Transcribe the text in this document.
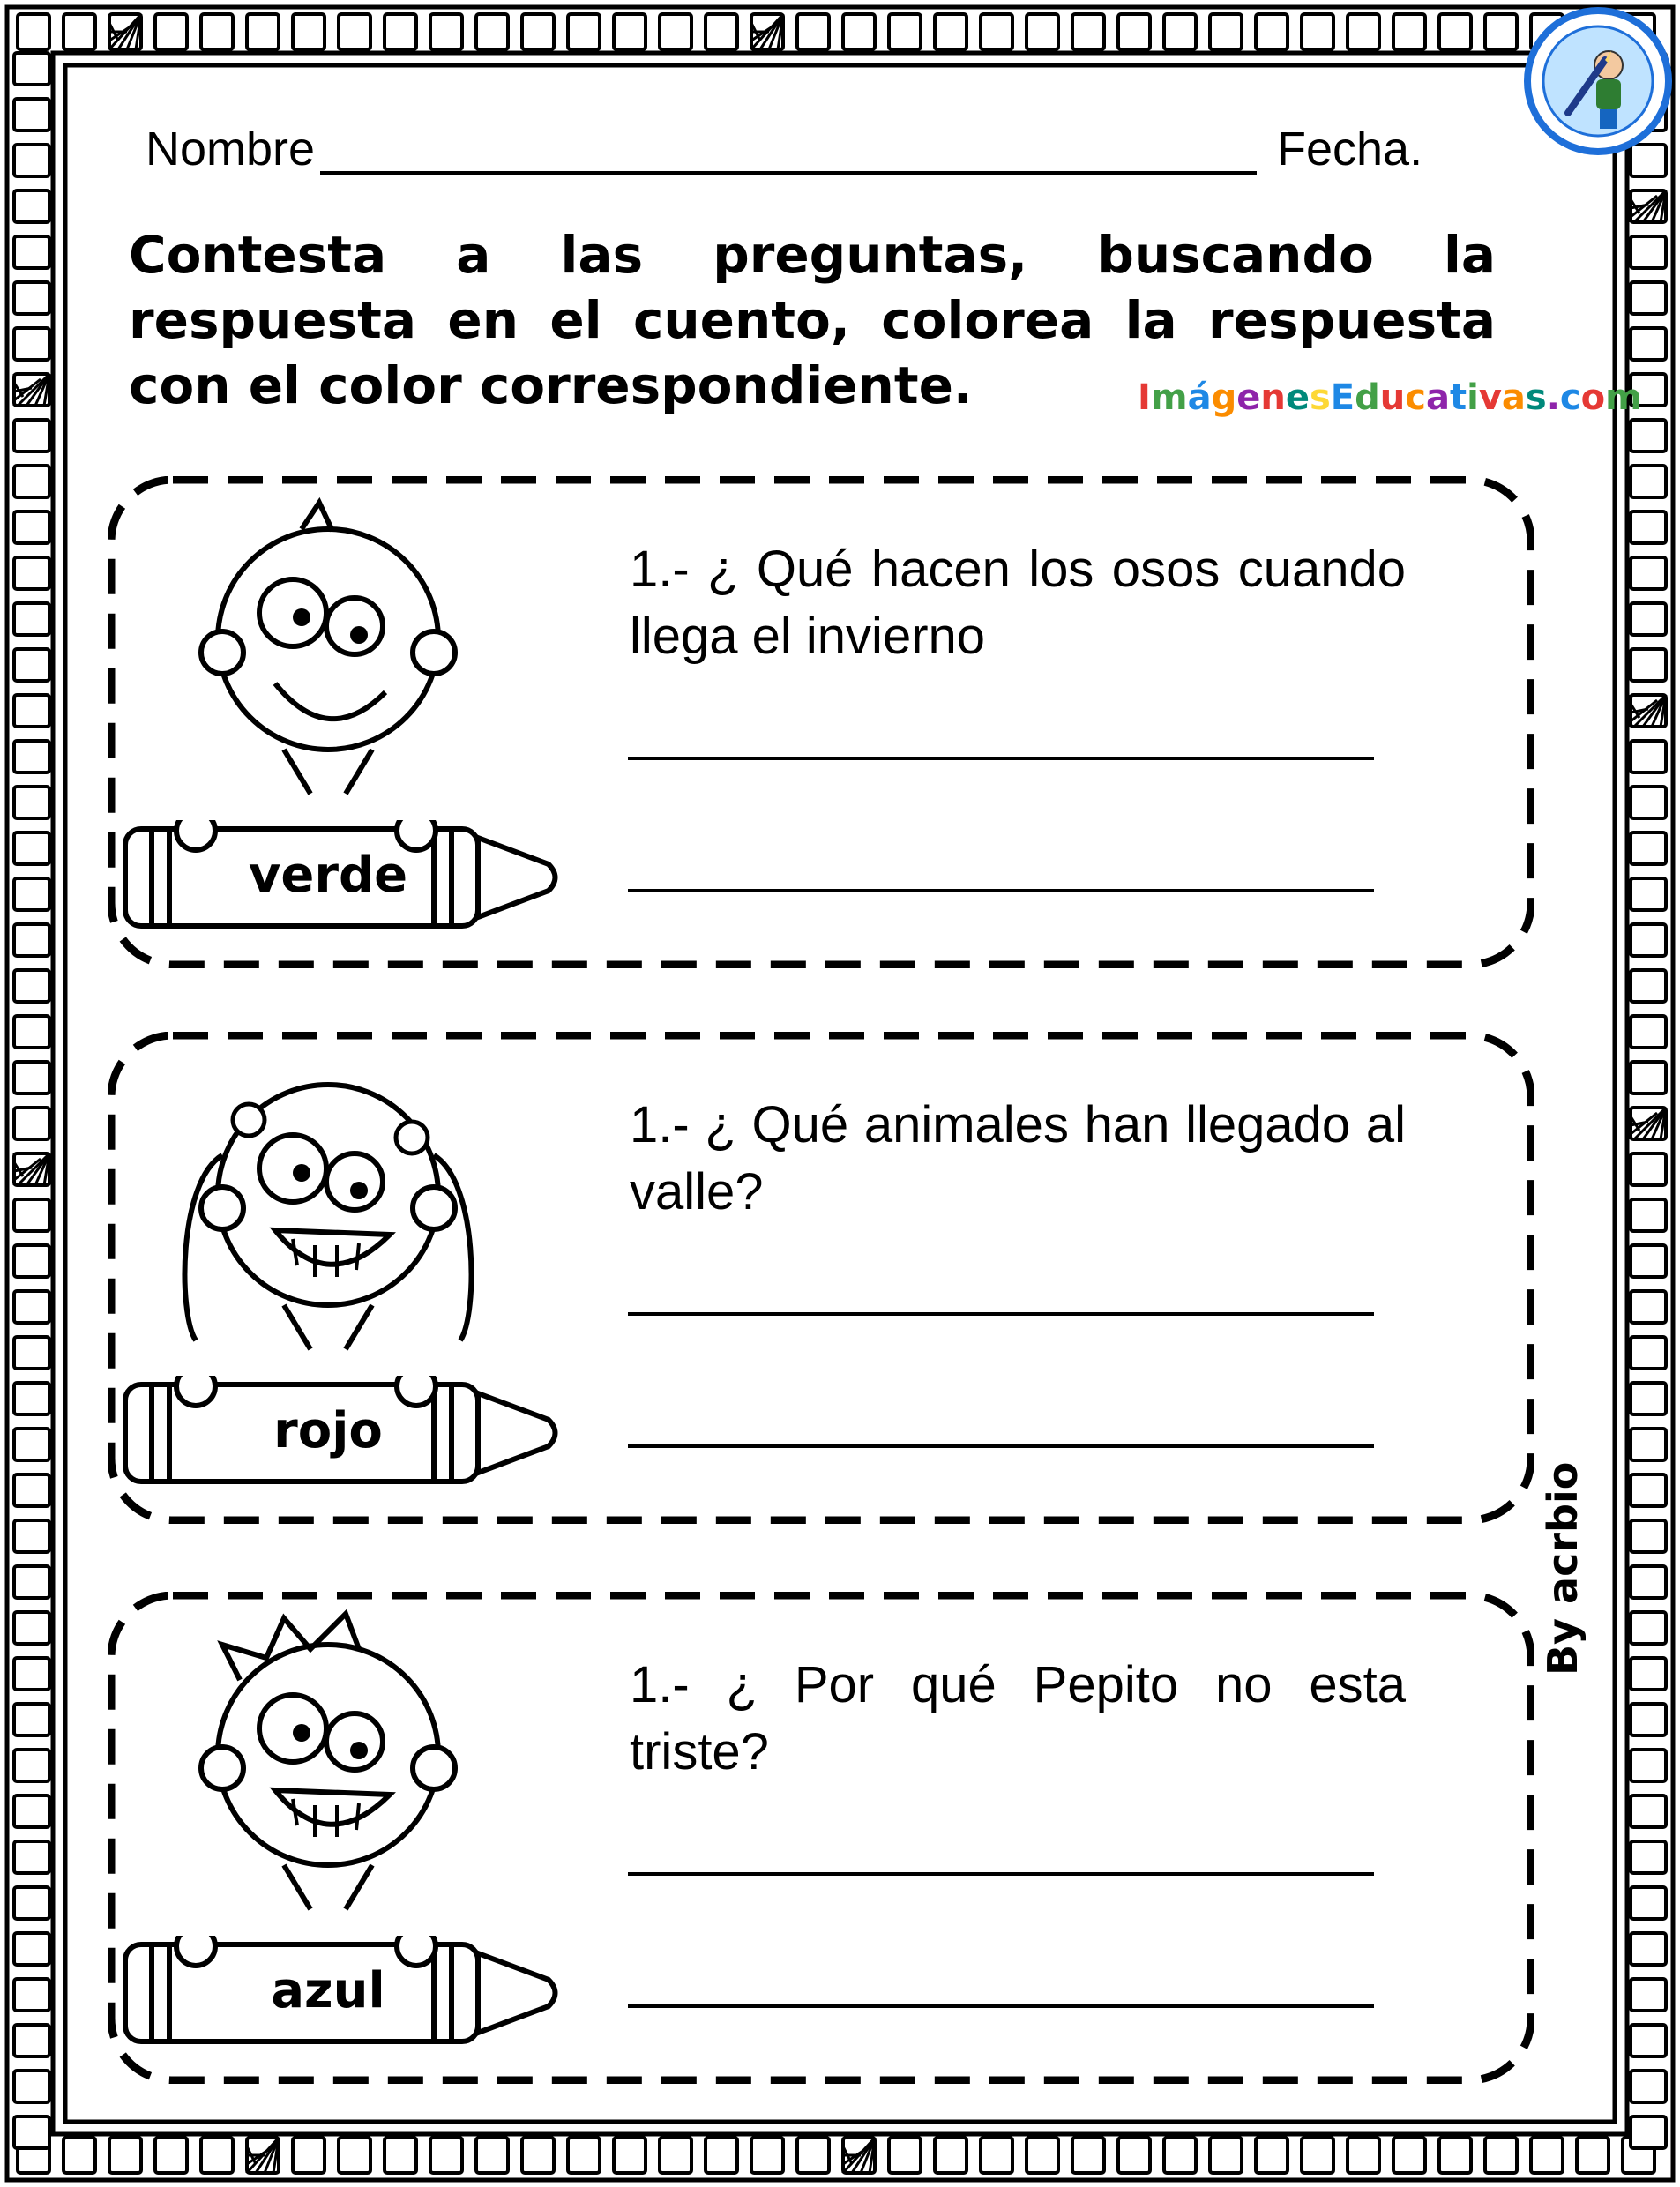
Nombre	Fecha.
Contesta a las preguntas, buscando la respuesta en el cuento, colorea la respuesta con el color correspondiente.	ImágenesEducativas.com
verde
1.- ¿ Qué hacen los osos cuando llega el invierno
rojo
1.- ¿ Qué animales han llegado al valle?
azul
1.- ¿ Por qué Pepito no esta triste?
By acrbio
